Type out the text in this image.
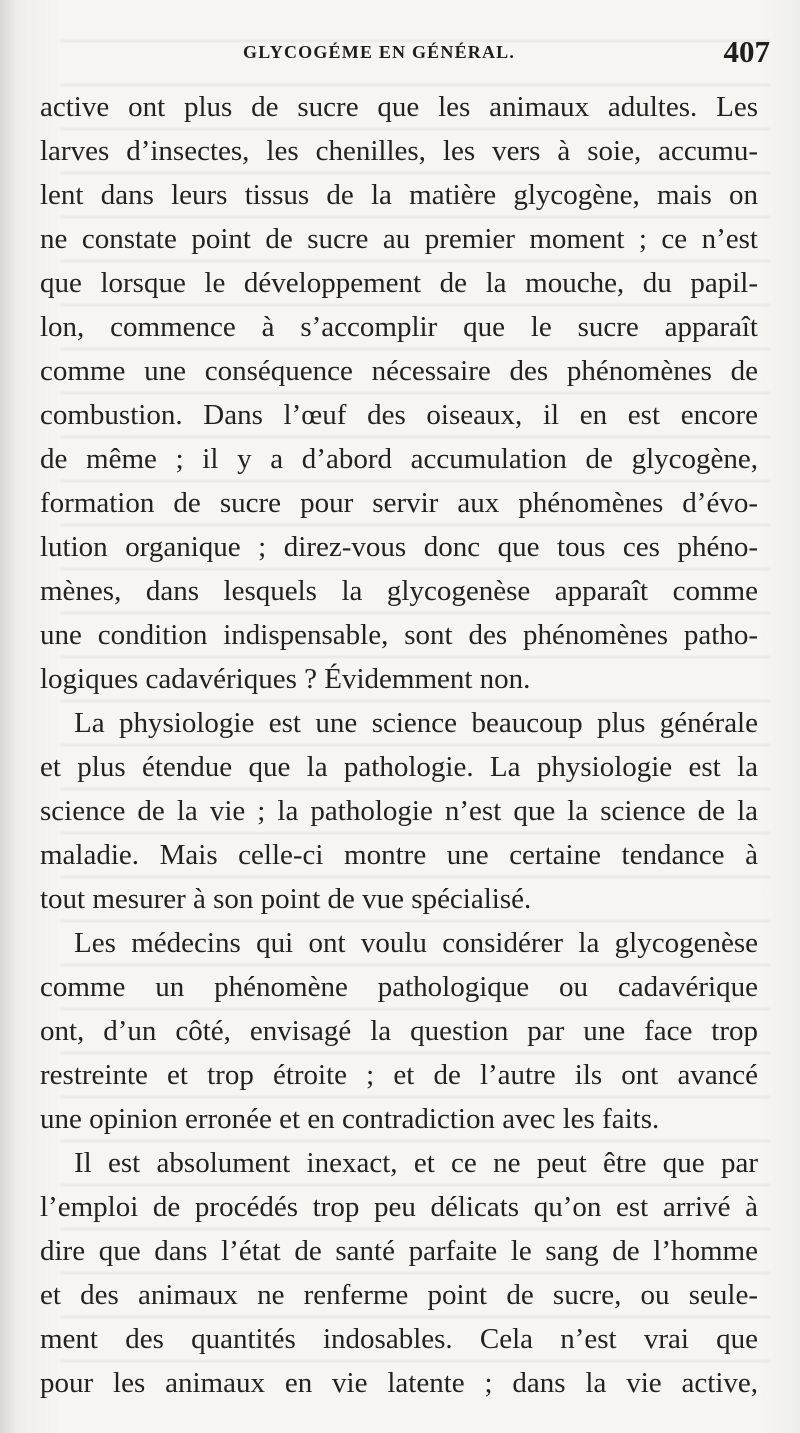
GLYCOGÉME EN GÉNÉRAL.	407
active ont plus de sucre que les animaux adultes. Les
larves d’insectes, les chenilles, les vers à soie, accumu-
lent dans leurs tissus de la matière glycogène, mais on
ne constate point de sucre au premier moment ; ce n’est
que lorsque le développement de la mouche, du papil-
lon, commence à s’accomplir que le sucre apparaît
comme une conséquence nécessaire des phénomènes de
combustion. Dans l’œuf des oiseaux, il en est encore
de même ; il y a d’abord accumulation de glycogène,
formation de sucre pour servir aux phénomènes d’évo-
lution organique ; direz-vous donc que tous ces phéno-
mènes, dans lesquels la glycogenèse apparaît comme
une condition indispensable, sont des phénomènes patho-
logiques cadavériques ? Évidemment non.
La physiologie est une science beaucoup plus générale
et plus étendue que la pathologie. La physiologie est la
science de la vie ; la pathologie n’est que la science de la
maladie. Mais celle-ci montre une certaine tendance à
tout mesurer à son point de vue spécialisé.
Les médecins qui ont voulu considérer la glycogenèse
comme un phénomène pathologique ou cadavérique
ont, d’un côté, envisagé la question par une face trop
restreinte et trop étroite ; et de l’autre ils ont avancé
une opinion erronée et en contradiction avec les faits.
Il est absolument inexact, et ce ne peut être que par
l’emploi de procédés trop peu délicats qu’on est arrivé à
dire que dans l’état de santé parfaite le sang de l’homme
et des animaux ne renferme point de sucre, ou seule-
ment des quantités indosables. Cela n’est vrai que
pour les animaux en vie latente ; dans la vie active,
